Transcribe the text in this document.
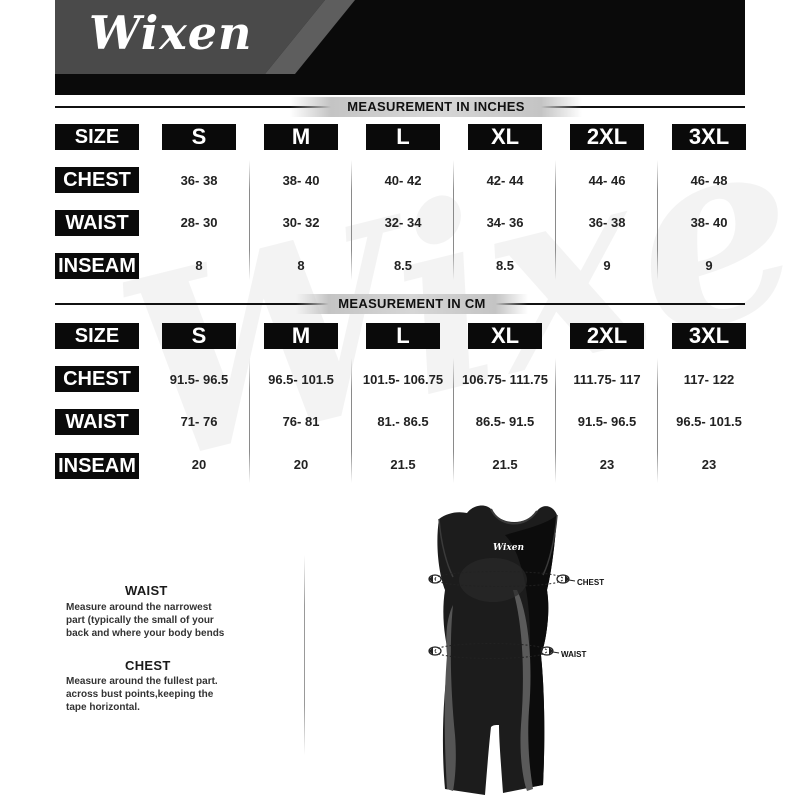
Wixen
MEASUREMENT IN INCHES
SIZE	S	M	L	XL	2XL	3XL
CHEST	36- 38	38- 40	40- 42	42- 44	44- 46	46- 48
WAIST	28- 30	30- 32	32- 34	34- 36	36- 38	38- 40
INSEAM	8	8	8.5	8.5	9	9
MEASUREMENT IN CM
SIZE	S	M	L	XL	2XL	3XL
CHEST	91.5- 96.5	96.5- 101.5	101.5- 106.75	106.75- 111.75	111.75- 117	117- 122
WAIST	71- 76	76- 81	81.- 86.5	86.5- 91.5	91.5- 96.5	96.5- 101.5
INSEAM	20	20	21.5	21.5	23	23
WAIST
Measure around the narrowest
part (typically the small of your
back and where your body bends
CHEST
Measure around the fullest part.
across bust points,keeping the
tape horizontal.
Wixen
CHEST
WAIST
